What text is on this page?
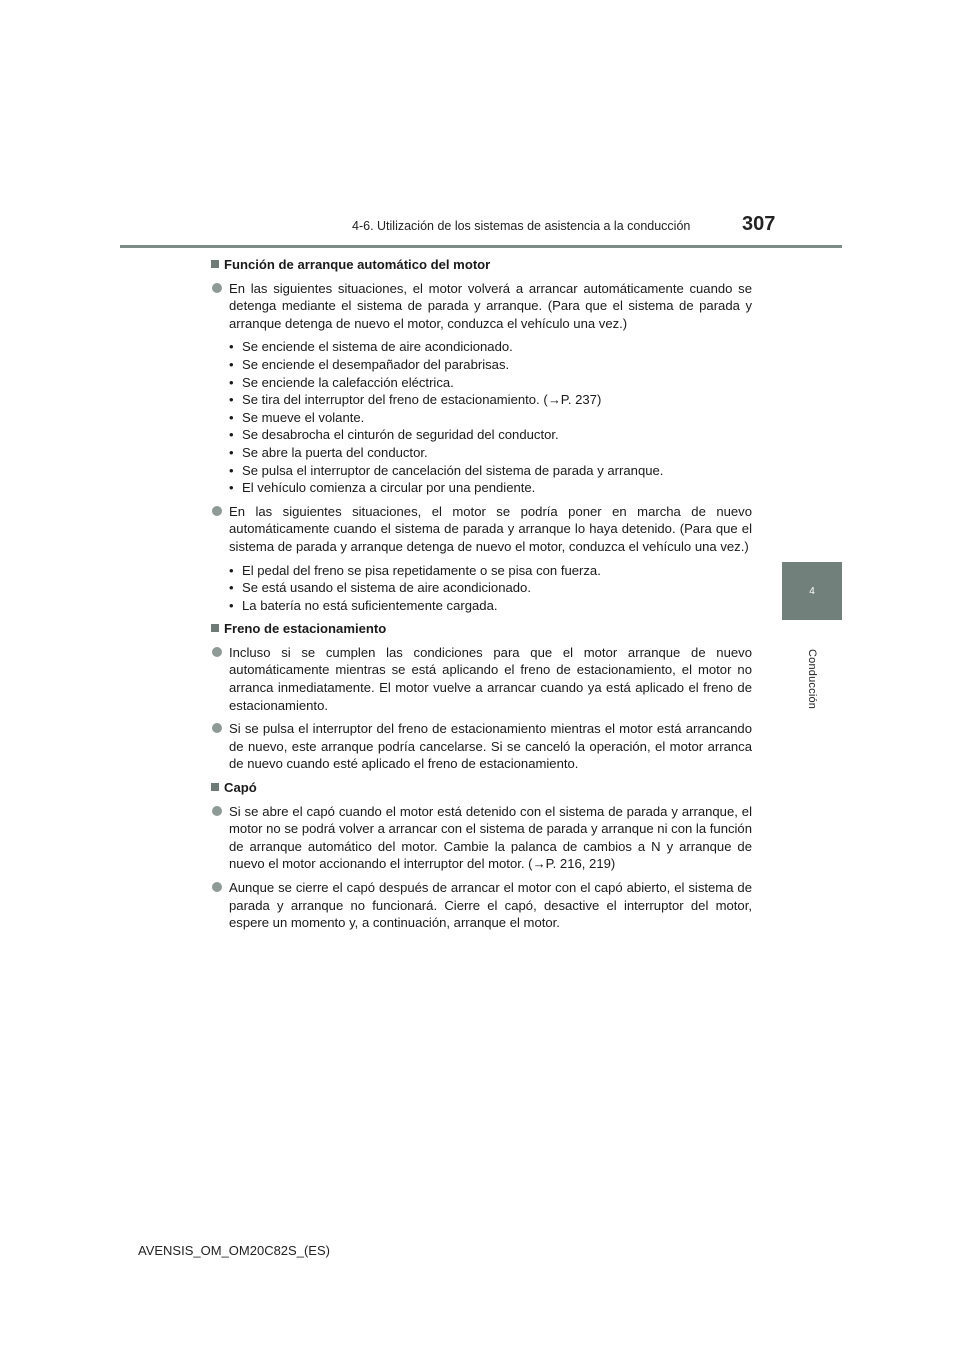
4-6. Utilización de los sistemas de asistencia a la conducción	307
4
Conducción
Función de arranque automático del motor
En las siguientes situaciones, el motor volverá a arrancar automáticamente cuando se detenga mediante el sistema de parada y arranque. (Para que el sistema de parada y arranque detenga de nuevo el motor, conduzca el vehículo una vez.)
• Se enciende el sistema de aire acondicionado.
• Se enciende el desempañador del parabrisas.
• Se enciende la calefacción eléctrica.
• Se tira del interruptor del freno de estacionamiento. (→P. 237)
• Se mueve el volante.
• Se desabrocha el cinturón de seguridad del conductor.
• Se abre la puerta del conductor.
• Se pulsa el interruptor de cancelación del sistema de parada y arranque.
• El vehículo comienza a circular por una pendiente.
En las siguientes situaciones, el motor se podría poner en marcha de nuevo automáticamente cuando el sistema de parada y arranque lo haya detenido. (Para que el sistema de parada y arranque detenga de nuevo el motor, conduzca el vehículo una vez.)
• El pedal del freno se pisa repetidamente o se pisa con fuerza.
• Se está usando el sistema de aire acondicionado.
• La batería no está suficientemente cargada.
Freno de estacionamiento
Incluso si se cumplen las condiciones para que el motor arranque de nuevo automáticamente mientras se está aplicando el freno de estacionamiento, el motor no arranca inmediatamente. El motor vuelve a arrancar cuando ya está aplicado el freno de estacionamiento.
Si se pulsa el interruptor del freno de estacionamiento mientras el motor está arrancando de nuevo, este arranque podría cancelarse. Si se canceló la operación, el motor arranca de nuevo cuando esté aplicado el freno de estacionamiento.
Capó
Si se abre el capó cuando el motor está detenido con el sistema de parada y arranque, el motor no se podrá volver a arrancar con el sistema de parada y arranque ni con la función de arranque automático del motor. Cambie la palanca de cambios a N y arranque de nuevo el motor accionando el interruptor del motor. (→P. 216, 219)
Aunque se cierre el capó después de arrancar el motor con el capó abierto, el sistema de parada y arranque no funcionará. Cierre el capó, desactive el interruptor del motor, espere un momento y, a continuación, arranque el motor.
AVENSIS_OM_OM20C82S_(ES)
